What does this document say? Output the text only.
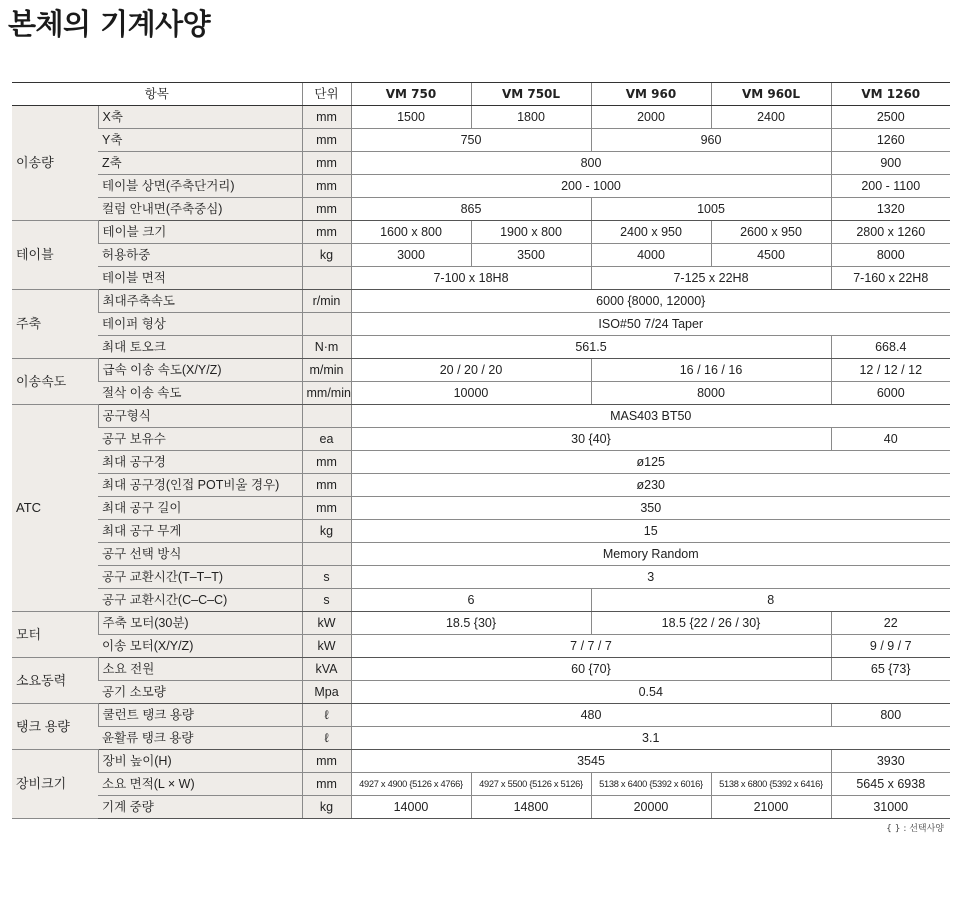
본체의 기계사양
항목		단위	VM 750	VM 750L	VM 960	VM 960L	VM 1260
이송량	X축	mm	1500	1800	2000	2400	2500
	Y축	mm	750		960		1260
	Z축	mm	800				900
	테이블 상면(주축단거리)	mm	200 - 1000				200 - 1100
	컬럼 안내면(주축중심)	mm	865		1005		1320
테이블	테이블 크기	mm	1600 x 800	1900 x 800	2400 x 950	2600 x 950	2800 x 1260
	허용하중	kg	3000	3500	4000	4500	8000
	테이블 면적		7-100 x 18H8		7-125 x 22H8		7-160 x 22H8
주축	최대주축속도	r/min	6000 {8000, 12000}				
	테이퍼 형상		ISO#50 7/24 Taper				
	최대 토오크	N·m	561.5				668.4
이송속도	급속 이송 속도(X/Y/Z)	m/min	20 / 20 / 20		16 / 16 / 16		12 / 12 / 12
	절삭 이송 속도	mm/min	10000		8000		6000
ATC	공구형식		MAS403 BT50				
	공구 보유수	ea	30 {40}				40
	최대 공구경	mm	ø125				
	최대 공구경(인접 POT비울 경우)	mm	ø230				
	최대 공구 길이	mm	350				
	최대 공구 무게	kg	15				
	공구 선택 방식		Memory Random				
	공구 교환시간(T–T–T)	s	3				
	공구 교환시간(C–C–C)	s	6		8		
모터	주축 모터(30분)	kW	18.5 {30}		18.5 {22 / 26 / 30}		22
	이송 모터(X/Y/Z)	kW	7 / 7 / 7				9 / 9 / 7
소요동력	소요 전원	kVA	60 {70}				65 {73}
	공기 소모량	Mpa	0.54				
탱크 용량	쿨런트 탱크 용량	ℓ	480				800
	윤활류 탱크 용량	ℓ	3.1				
장비크기	장비 높이(H)	mm	3545				3930
	소요 면적(L × W)	mm	4927 x 4900 {5126 x 4766}	4927 x 5500 {5126 x 5126}	5138 x 6400 {5392 x 6016}	5138 x 6800 {5392 x 6416}	5645 x 6938
	기계 중량	kg	14000	14800	20000	21000	31000
{ } : 선택사양
